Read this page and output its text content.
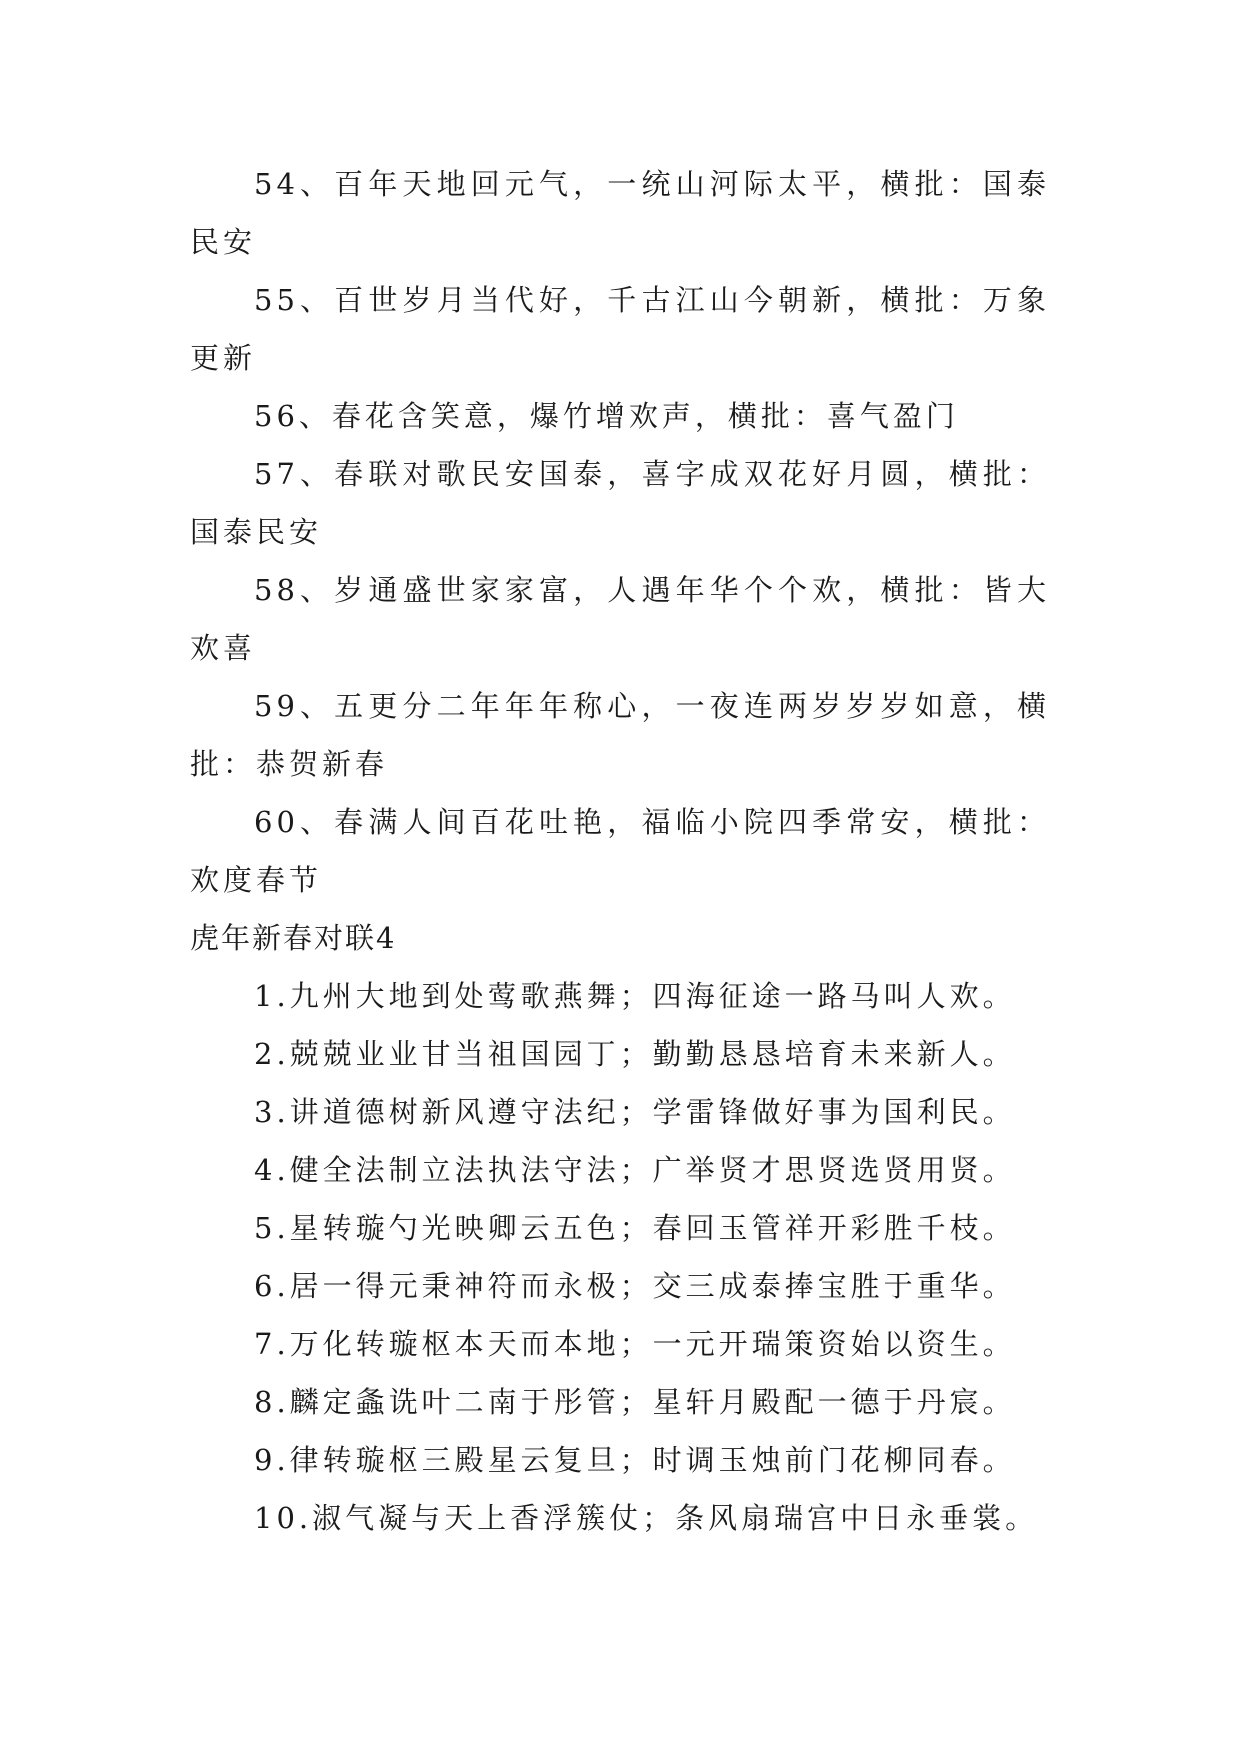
54、百年天地回元气，一统山河际太平，横批：国泰民安

55、百世岁月当代好，千古江山今朝新，横批：万象更新

56、春花含笑意，爆竹增欢声，横批：喜气盈门

57、春联对歌民安国泰，喜字成双花好月圆，横批：国泰民安

58、岁通盛世家家富，人遇年华个个欢，横批：皆大欢喜

59、五更分二年年年称心，一夜连两岁岁岁如意，横批：恭贺新春

60、春满人间百花吐艳，福临小院四季常安，横批：欢度春节

虎年新春对联4

1.九州大地到处莺歌燕舞；四海征途一路马叫人欢。

2.兢兢业业甘当祖国园丁；勤勤恳恳培育未来新人。

3.讲道德树新风遵守法纪；学雷锋做好事为国利民。

4.健全法制立法执法守法；广举贤才思贤选贤用贤。

5.星转璇勺光映卿云五色；春回玉管祥开彩胜千枝。

6.居一得元秉神符而永极；交三成泰捧宝胜于重华。

7.万化转璇枢本天而本地；一元开瑞策资始以资生。

8.麟定螽诜叶二南于彤管；星轩月殿配一德于丹宸。

9.律转璇枢三殿星云复旦；时调玉烛前门花柳同春。

10.淑气凝与天上香浮簇仗；条风扇瑞宫中日永垂裳。
